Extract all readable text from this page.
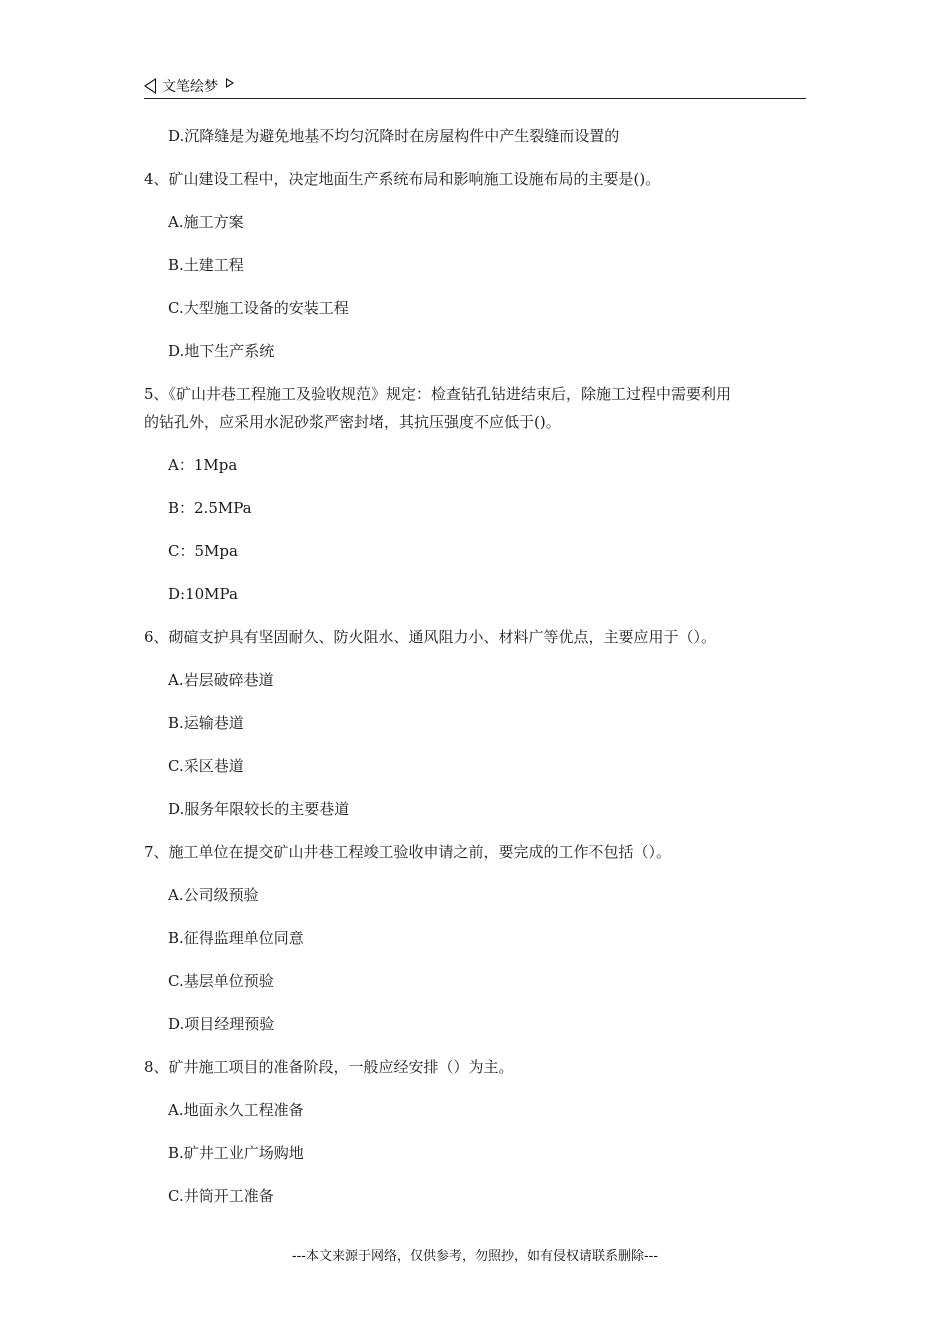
文笔绘梦
D.沉降缝是为避免地基不均匀沉降时在房屋构件中产生裂缝而设置的
4、矿山建设工程中，决定地面生产系统布局和影响施工设施布局的主要是()。
A.施工方案
B.土建工程
C.大型施工设备的安装工程
D.地下生产系统
5、《矿山井巷工程施工及验收规范》规定：检查钻孔钻进结束后，除施工过程中需要利用
的钻孔外，应采用水泥砂浆严密封堵，其抗压强度不应低于()。
A：1Mpa
B：2.5MPa
C：5Mpa
D:10MPa
6、砌碹支护具有坚固耐久、防火阻水、通风阻力小、材料广等优点，主要应用于（）。
A.岩层破碎巷道
B.运输巷道
C.采区巷道
D.服务年限较长的主要巷道
7、施工单位在提交矿山井巷工程竣工验收申请之前，要完成的工作不包括（）。
A.公司级预验
B.征得监理单位同意
C.基层单位预验
D.项目经理预验
8、矿井施工项目的准备阶段，一般应经安排（）为主。
A.地面永久工程准备
B.矿井工业广场购地
C.井筒开工准备
---本文来源于网络，仅供参考，勿照抄，如有侵权请联系删除---
